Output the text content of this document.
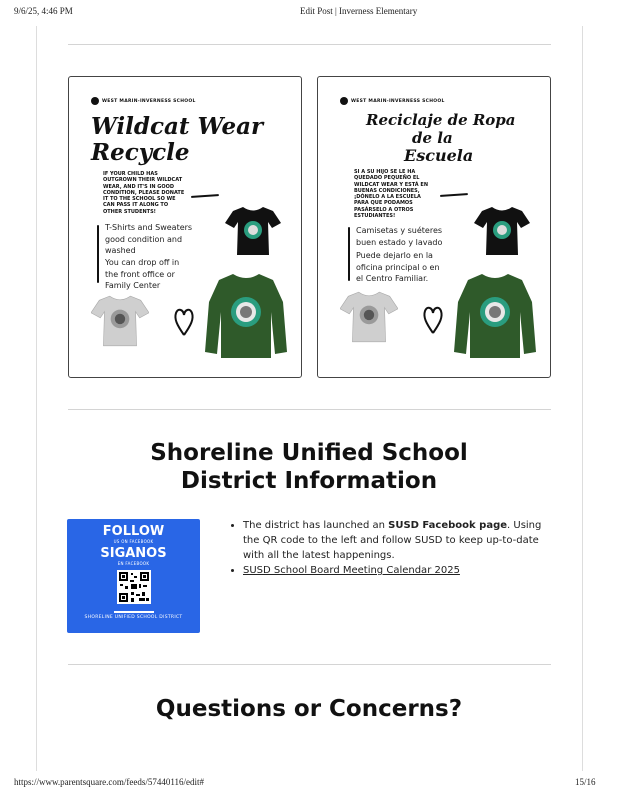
9/6/25, 4:46 PM	Edit Post | Inverness Elementary
https://www.parentsquare.com/feeds/57440116/edit#	15/16
WEST MARIN-INVERNESS SCHOOL
Wildcat Wear
Recycle
IF YOUR CHILD HAS OUTGROWN THEIR WILDCAT WEAR, AND IT'S IN GOOD CONDITION, PLEASE DONATE IT TO THE SCHOOL SO WE CAN PASS IT ALONG TO OTHER STUDENTS!
T-Shirts and Sweaters good condition and washed
You can drop off in the front office or Family Center
WEST MARIN-INVERNESS SCHOOL
Reciclaje de Ropa
de la
Escuela
SI A SU HIJO SE LE HA QUEDADO PEQUEÑO EL WILDCAT WEAR Y ESTÁ EN BUENAS CONDICIONES, ¡DÓNELO A LA ESCUELA PARA QUE PODAMOS PASÁRSELO A OTROS ESTUDIANTES!
Camisetas y suéteres buen estado y lavado
Puede dejarlo en la oficina principal o en el Centro Familiar.
Shoreline Unified School District Information
FOLLOW
US ON FACEBOOK
SIGANOS
EN FACEBOOK
SHORELINE UNIFIED SCHOOL DISTRICT
• The district has launched an SUSD Facebook page. Using the QR code to the left and follow SUSD to keep up-to-date with all the latest happenings.
• SUSD School Board Meeting Calendar 2025
Questions or Concerns?
